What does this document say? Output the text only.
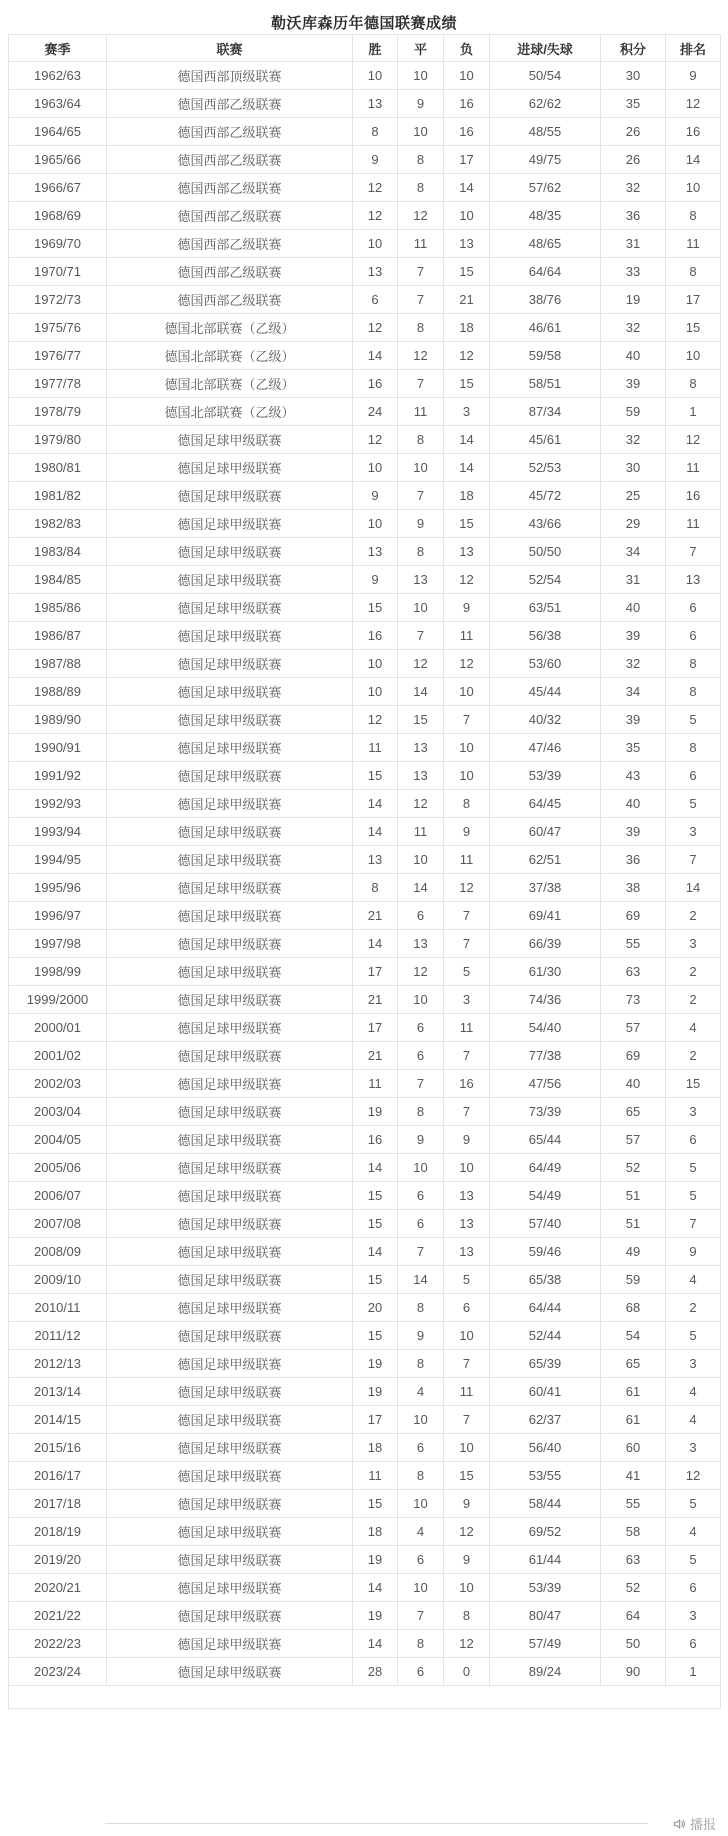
勒沃库森历年德国联赛成绩
赛季	联赛	胜	平	负	进球/失球	积分	排名
1962/63	德国西部顶级联赛	10	10	10	50/54	30	9
1963/64	德国西部乙级联赛	13	9	16	62/62	35	12
1964/65	德国西部乙级联赛	8	10	16	48/55	26	16
1965/66	德国西部乙级联赛	9	8	17	49/75	26	14
1966/67	德国西部乙级联赛	12	8	14	57/62	32	10
1968/69	德国西部乙级联赛	12	12	10	48/35	36	8
1969/70	德国西部乙级联赛	10	11	13	48/65	31	11
1970/71	德国西部乙级联赛	13	7	15	64/64	33	8
1972/73	德国西部乙级联赛	6	7	21	38/76	19	17
1975/76	德国北部联赛（乙级）	12	8	18	46/61	32	15
1976/77	德国北部联赛（乙级）	14	12	12	59/58	40	10
1977/78	德国北部联赛（乙级）	16	7	15	58/51	39	8
1978/79	德国北部联赛（乙级）	24	11	3	87/34	59	1
1979/80	德国足球甲级联赛	12	8	14	45/61	32	12
1980/81	德国足球甲级联赛	10	10	14	52/53	30	11
1981/82	德国足球甲级联赛	9	7	18	45/72	25	16
1982/83	德国足球甲级联赛	10	9	15	43/66	29	11
1983/84	德国足球甲级联赛	13	8	13	50/50	34	7
1984/85	德国足球甲级联赛	9	13	12	52/54	31	13
1985/86	德国足球甲级联赛	15	10	9	63/51	40	6
1986/87	德国足球甲级联赛	16	7	11	56/38	39	6
1987/88	德国足球甲级联赛	10	12	12	53/60	32	8
1988/89	德国足球甲级联赛	10	14	10	45/44	34	8
1989/90	德国足球甲级联赛	12	15	7	40/32	39	5
1990/91	德国足球甲级联赛	11	13	10	47/46	35	8
1991/92	德国足球甲级联赛	15	13	10	53/39	43	6
1992/93	德国足球甲级联赛	14	12	8	64/45	40	5
1993/94	德国足球甲级联赛	14	11	9	60/47	39	3
1994/95	德国足球甲级联赛	13	10	11	62/51	36	7
1995/96	德国足球甲级联赛	8	14	12	37/38	38	14
1996/97	德国足球甲级联赛	21	6	7	69/41	69	2
1997/98	德国足球甲级联赛	14	13	7	66/39	55	3
1998/99	德国足球甲级联赛	17	12	5	61/30	63	2
1999/2000	德国足球甲级联赛	21	10	3	74/36	73	2
2000/01	德国足球甲级联赛	17	6	11	54/40	57	4
2001/02	德国足球甲级联赛	21	6	7	77/38	69	2
2002/03	德国足球甲级联赛	11	7	16	47/56	40	15
2003/04	德国足球甲级联赛	19	8	7	73/39	65	3
2004/05	德国足球甲级联赛	16	9	9	65/44	57	6
2005/06	德国足球甲级联赛	14	10	10	64/49	52	5
2006/07	德国足球甲级联赛	15	6	13	54/49	51	5
2007/08	德国足球甲级联赛	15	6	13	57/40	51	7
2008/09	德国足球甲级联赛	14	7	13	59/46	49	9
2009/10	德国足球甲级联赛	15	14	5	65/38	59	4
2010/11	德国足球甲级联赛	20	8	6	64/44	68	2
2011/12	德国足球甲级联赛	15	9	10	52/44	54	5
2012/13	德国足球甲级联赛	19	8	7	65/39	65	3
2013/14	德国足球甲级联赛	19	4	11	60/41	61	4
2014/15	德国足球甲级联赛	17	10	7	62/37	61	4
2015/16	德国足球甲级联赛	18	6	10	56/40	60	3
2016/17	德国足球甲级联赛	11	8	15	53/55	41	12
2017/18	德国足球甲级联赛	15	10	9	58/44	55	5
2018/19	德国足球甲级联赛	18	4	12	69/52	58	4
2019/20	德国足球甲级联赛	19	6	9	61/44	63	5
2020/21	德国足球甲级联赛	14	10	10	53/39	52	6
2021/22	德国足球甲级联赛	19	7	8	80/47	64	3
2022/23	德国足球甲级联赛	14	8	12	57/49	50	6
2023/24	德国足球甲级联赛	28	6	0	89/24	90	1

播报
